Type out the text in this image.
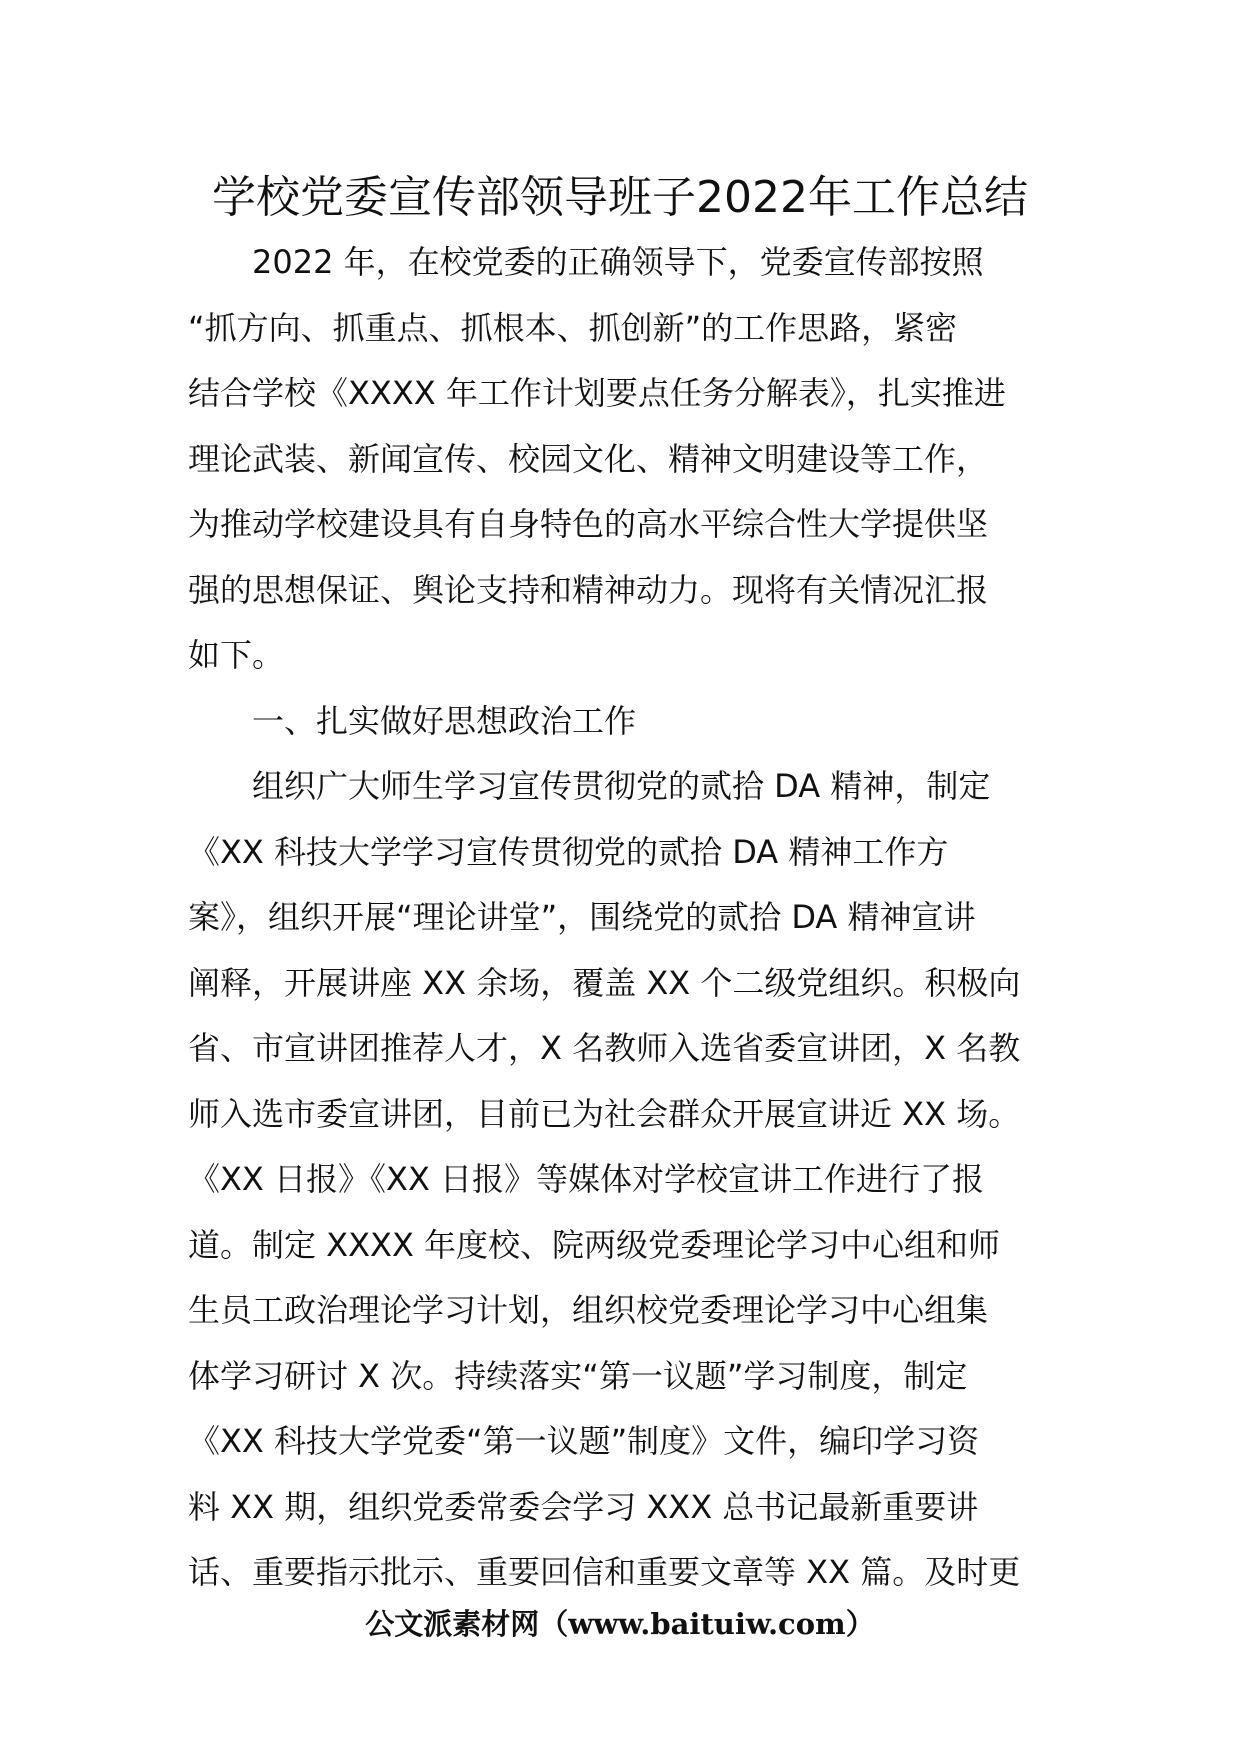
学校党委宣传部领导班子2022年工作总结
　　2022 年，在校党委的正确领导下，党委宣传部按照
“抓方向、抓重点、抓根本、抓创新”的工作思路，紧密
结合学校《XXXX 年工作计划要点任务分解表》，扎实推进
理论武装、新闻宣传、校园文化、精神文明建设等工作，
为推动学校建设具有自身特色的高水平综合性大学提供坚
强的思想保证、舆论支持和精神动力。现将有关情况汇报
如下。
　　一、扎实做好思想政治工作
　　组织广大师生学习宣传贯彻党的贰拾 DA 精神，制定
《XX 科技大学学习宣传贯彻党的贰拾 DA 精神工作方
案》，组织开展“理论讲堂”，围绕党的贰拾 DA 精神宣讲
阐释，开展讲座 XX 余场，覆盖 XX 个二级党组织。积极向
省、市宣讲团推荐人才，X 名教师入选省委宣讲团，X 名教
师入选市委宣讲团，目前已为社会群众开展宣讲近 XX 场。
《XX 日报》《XX 日报》等媒体对学校宣讲工作进行了报
道。制定 XXXX 年度校、院两级党委理论学习中心组和师
生员工政治理论学习计划，组织校党委理论学习中心组集
体学习研讨 X 次。持续落实“第一议题”学习制度，制定
《XX 科技大学党委“第一议题”制度》文件，编印学习资
料 XX 期，组织党委常委会学习 XXX 总书记最新重要讲
话、重要指示批示、重要回信和重要文章等 XX 篇。及时更
公文派素材网（www.baituiw.com）
